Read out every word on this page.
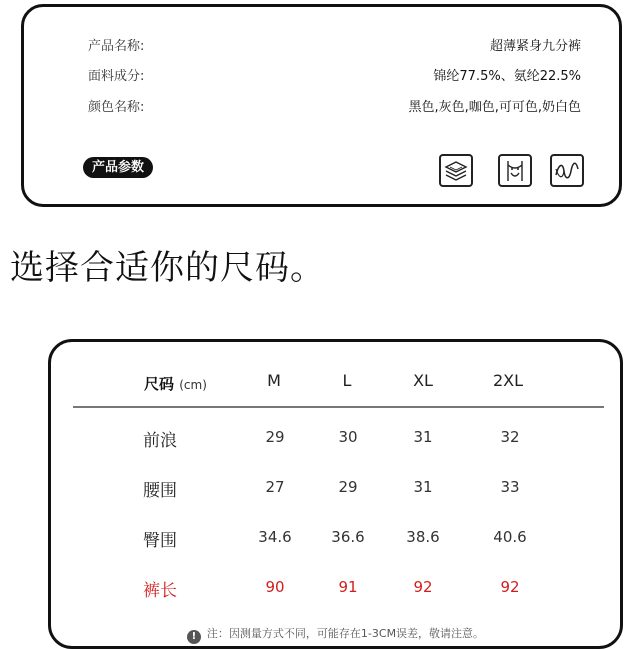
产品名称:	超薄紧身九分裤
面料成分:	锦纶77.5%、氨纶22.5%
颜色名称:	黑色,灰色,咖色,可可色,奶白色
产品参数
选择合适你的尺码。
尺码 (cm)	M	L	XL	2XL
前浪	29	30	31	32
腰围	27	29	31	33
臀围	34.6	36.6	38.6	40.6
裤长	90	91	92	92
! 注：因测量方式不同，可能存在1-3CM误差，敬请注意。
